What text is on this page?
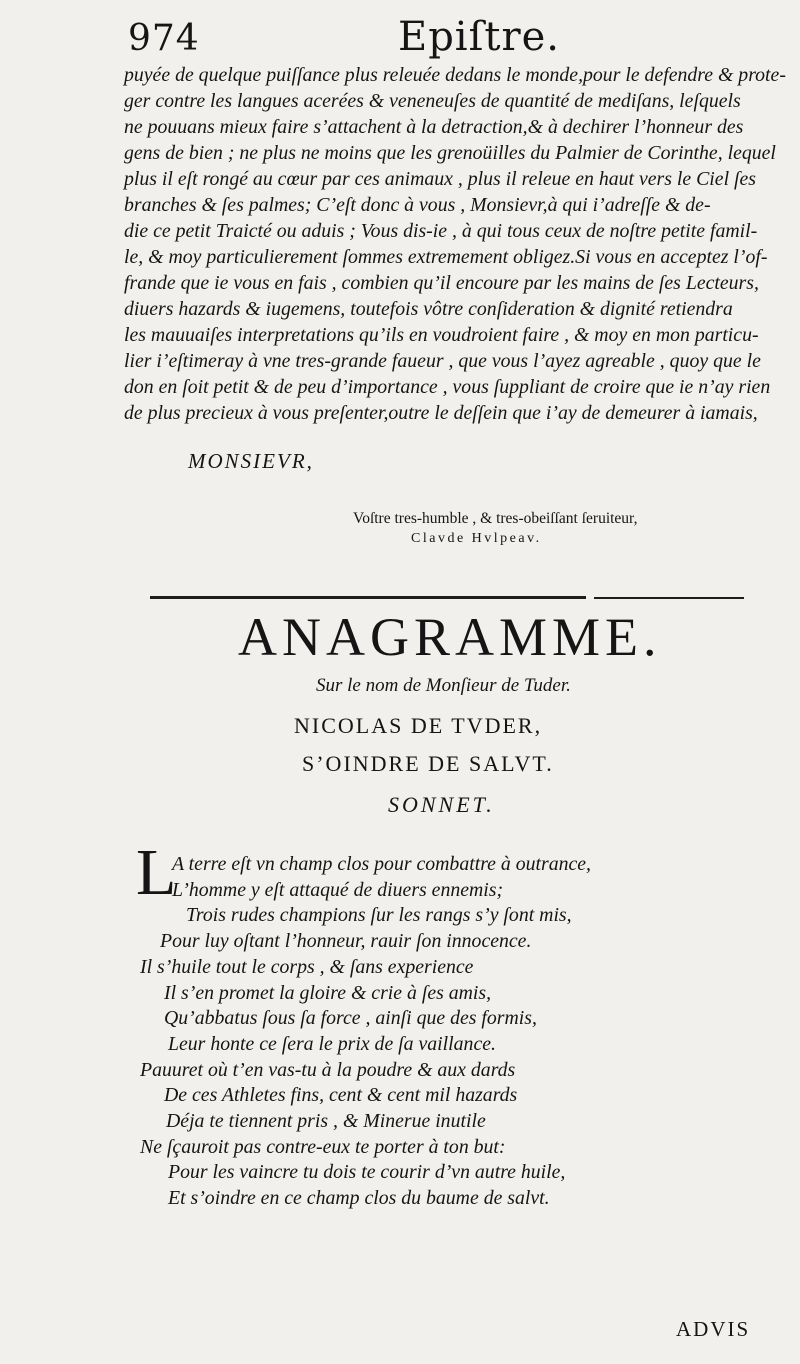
974	Epiſtre.
puyée de quelque puiſſance plus releuée dedans le monde,pour le defendre & prote-
ger contre les langues acerées & veneneuſes de quantité de mediſans, leſquels
ne pouuans mieux faire s’attachent à la detraction,& à dechirer l’honneur des
gens de bien ; ne plus ne moins que les grenoüilles du Palmier de Corinthe, lequel
plus il eſt rongé au cœur par ces animaux , plus il releue en haut vers le Ciel ſes
branches & ſes palmes; C’eſt donc à vous , Monsievr,à qui i’adreſſe & de-
die ce petit Traicté ou aduis ; Vous dis-ie , à qui tous ceux de noſtre petite famil-
le, & moy particulierement ſommes extremement obligez.Si vous en acceptez l’of-
frande que ie vous en fais , combien qu’il encoure par les mains de ſes Lecteurs,
diuers hazards & iugemens, toutefois vôtre conſideration & dignité retiendra
les mauuaiſes interpretations qu’ils en voudroient faire , & moy en mon particu-
lier i’eſtimeray à vne tres-grande faueur , que vous l’ayez agreable , quoy que le
don en ſoit petit & de peu d’importance , vous ſuppliant de croire que ie n’ay rien
de plus precieux à vous preſenter,outre le deſſein que i’ay de demeurer à iamais,
MONSIEVR,
Voſtre tres-humble , & tres-obeiſſant ſeruiteur,
Clavde Hvlpeav.
ANAGRAMME.
Sur le nom de Monſieur de Tuder.
NICOLAS DE TVDER,
S’OINDRE DE SALVT.
SONNET.
L
A terre eſt vn champ clos pour combattre à outrance,
L’homme y eſt attaqué de diuers ennemis;
Trois rudes champions ſur les rangs s’y ſont mis,
Pour luy oſtant l’honneur, rauir ſon innocence.
Il s’huile tout le corps , & ſans experience
Il s’en promet la gloire & crie à ſes amis,
Qu’abbatus ſous ſa force , ainſi que des formis,
Leur honte ce ſera le prix de ſa vaillance.
Pauuret où t’en vas-tu à la poudre & aux dards
De ces Athletes fins, cent & cent mil hazards
Déja te tiennent pris , & Minerue inutile
Ne ſçauroit pas contre-eux te porter à ton but:
Pour les vaincre tu dois te courir d’vn autre huile,
Et s’oindre en ce champ clos du baume de salvt.
ADVIS
